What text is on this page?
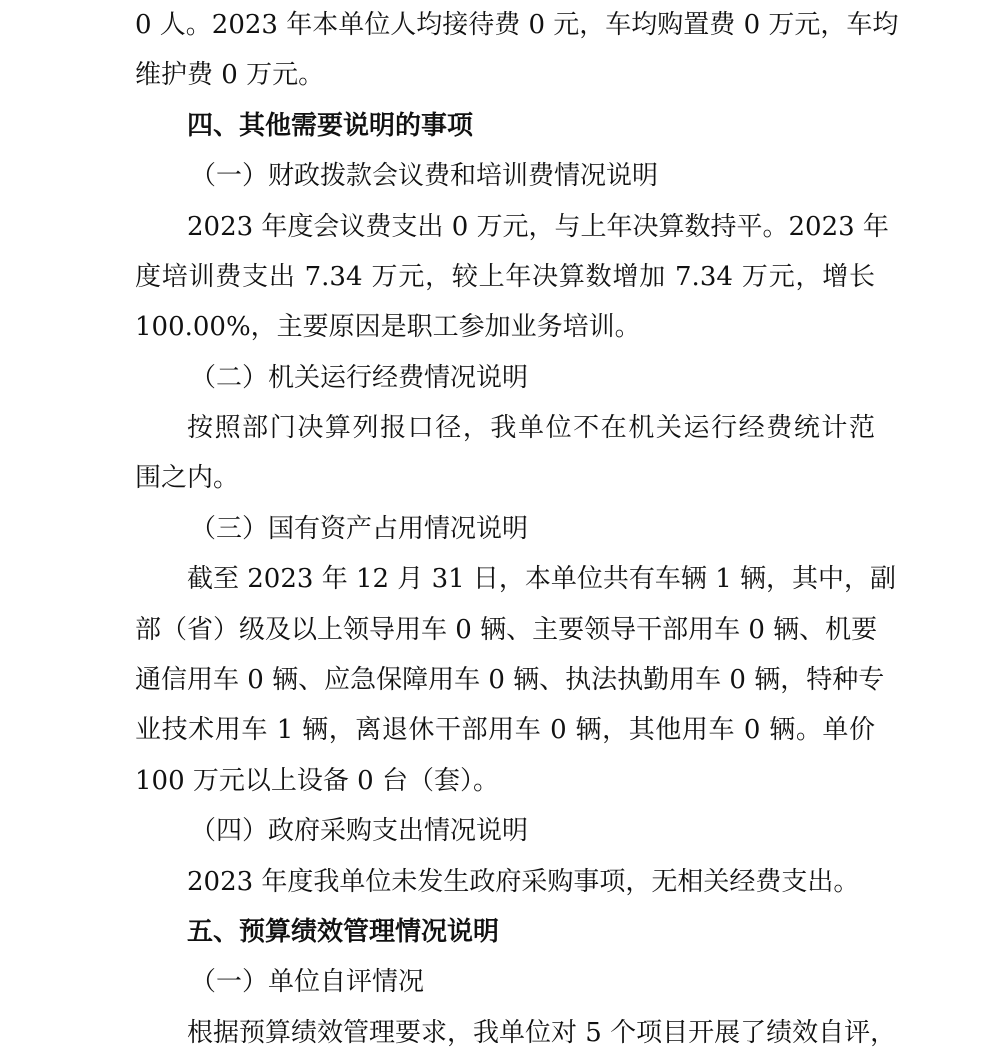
0 人。2023 年本单位人均接待费 0 元，车均购置费 0 万元，车均

维护费 0 万元。

四、其他需要说明的事项

（一）财政拨款会议费和培训费情况说明

2023 年度会议费支出 0 万元，与上年决算数持平。2023 年

度培训费支出 7.34 万元，较上年决算数增加 7.34 万元，增长

100.00%，主要原因是职工参加业务培训。

（二）机关运行经费情况说明

按照部门决算列报口径，我单位不在机关运行经费统计范

围之内。

（三）国有资产占用情况说明

截至 2023 年 12 月 31 日，本单位共有车辆 1 辆，其中，副

部（省）级及以上领导用车 0 辆、主要领导干部用车 0 辆、机要

通信用车 0 辆、应急保障用车 0 辆、执法执勤用车 0 辆，特种专

业技术用车 1 辆，离退休干部用车 0 辆，其他用车 0 辆。单价

100 万元以上设备 0 台（套）。

（四）政府采购支出情况说明

2023 年度我单位未发生政府采购事项，无相关经费支出。

五、预算绩效管理情况说明

（一）单位自评情况

根据预算绩效管理要求，我单位对 5 个项目开展了绩效自评，
